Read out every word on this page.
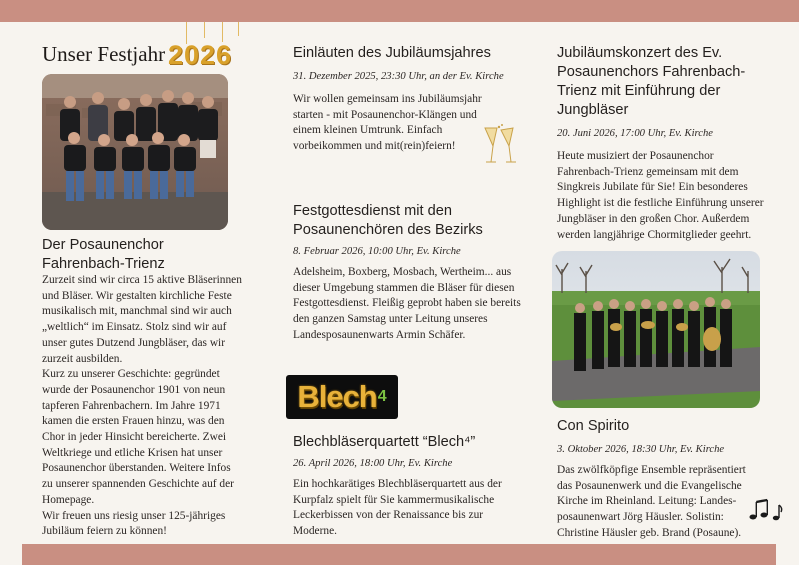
Unser Festjahr 2026
Der Posaunenchor Fahrenbach-Trienz

Zurzeit sind wir circa 15 aktive Bläserinnen und Bläser. Wir gestalten kirchliche Feste musikalisch mit, manchmal sind wir auch „weltlich“ im Einsatz. Stolz sind wir auf unser gutes Dutzend Jungbläser, das wir zurzeit ausbilden.

Kurz zu unserer Geschichte: gegründet wurde der Posaunenchor 1901 von neun tapferen Fahrenbachern. Im Jahre 1971 kamen die ersten Frauen hinzu, was den Chor in jeder Hinsicht bereicherte. Zwei Weltkriege und etliche Krisen hat unser Posaunenchor überstanden. Weitere Infos zu unserer spannenden Geschichte auf der Homepage.

Wir freuen uns riesig unser 125-jähriges Jubiläum feiern zu können!

Einläuten des Jubiläumsjahres

31. Dezember 2025, 23:30 Uhr, an der Ev. Kirche

Wir wollen gemeinsam ins Jubiläumsjahr starten - mit Posaunenchor-Klängen und einem kleinen Umtrunk. Einfach vorbeikommen und mit(rein)feiern!

Festgottesdienst mit den Posaunenchören des Bezirks

8. Februar 2026, 10:00 Uhr, Ev. Kirche

Adelsheim, Boxberg, Mosbach, Wertheim... aus dieser Umgebung stammen die Bläser für diesen Festgottesdienst. Fleißig geprobt haben sie bereits den ganzen Samstag unter Leitung unseres Landesposaunenwarts Armin Schäfer.

Blech 4
Blechbläserquartett “Blech⁴”

26. April 2026, 18:00 Uhr, Ev. Kirche

Ein hochkarätiges Blechbläserquartett aus der Kurpfalz spielt für Sie kammermusikalische Leckerbissen von der Renaissance bis zur Moderne.

Jubiläumskonzert des Ev. Posaunenchors Fahrenbach-Trienz mit Einführung der Jungbläser

20. Juni 2026, 17:00 Uhr, Ev. Kirche

Heute musiziert der Posaunenchor Fahrenbach-Trienz gemeinsam mit dem Singkreis Jubilate für Sie! Ein besonderes Highlight ist die festliche Einführung unserer Jungbläser in den großen Chor. Außerdem werden langjährige Chormitglieder geehrt.

Con Spirito

3. Oktober 2026, 18:30 Uhr, Ev. Kirche

Das zwölfköpfige Ensemble repräsentiert das Posaunenwerk und die Evangelische Kirche im Rheinland. Leitung: Landes-posaunenwart Jörg Häusler. Solistin: Christine Häusler geb. Brand (Posaune).
